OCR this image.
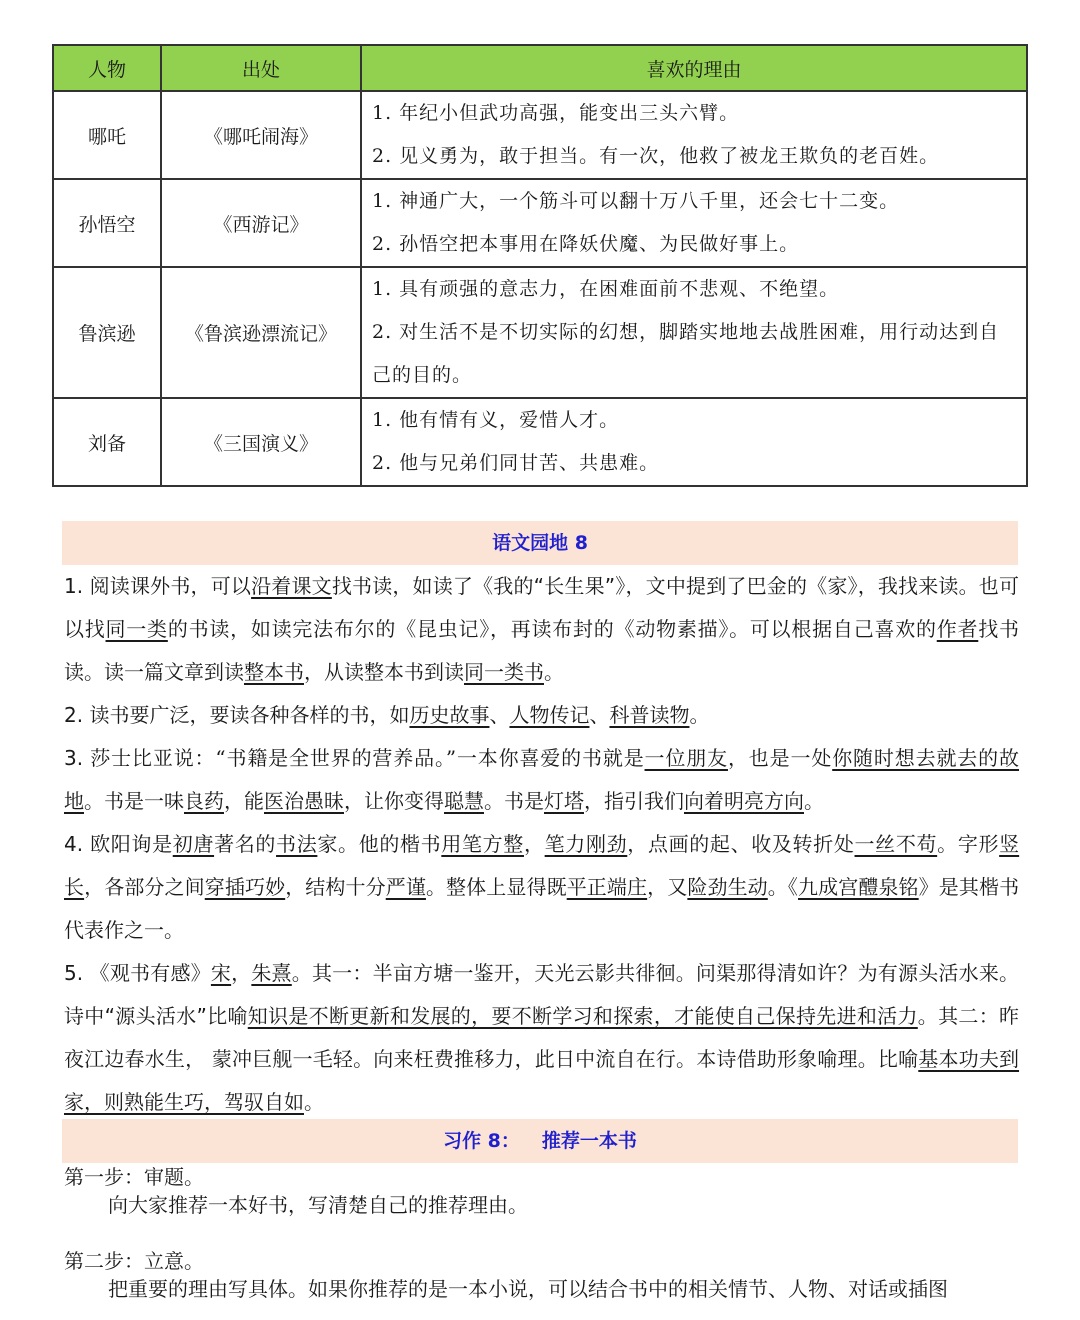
人物	出处	喜欢的理由
哪吒	《哪吒闹海》	1. 年纪小但武功高强，能变出三头六臂。
2. 见义勇为，敢于担当。有一次，他救了被龙王欺负的老百姓。

孙悟空	《西游记》	1. 神通广大，一个筋斗可以翻十万八千里，还会七十二变。
2. 孙悟空把本事用在降妖伏魔、为民做好事上。

鲁滨逊	《鲁滨逊漂流记》	1. 具有顽强的意志力，在困难面前不悲观、不绝望。
2. 对生活不是不切实际的幻想，脚踏实地地去战胜困难，用行动达到自己的目的。

刘备	《三国演义》	1. 他有情有义，爱惜人才。
2. 他与兄弟们同甘苦、共患难。
语文园地 8

1. 阅读课外书，可以沿着课文找书读，如读了《我的“长生果”》，文中提到了巴金的《家》，我找来读。也可以找同一类的书读，如读完法布尔的《昆虫记》，再读布封的《动物素描》。可以根据自己喜欢的作者找书读。读一篇文章到读整本书，从读整本书到读同一类书。

2. 读书要广泛，要读各种各样的书，如历史故事、人物传记、科普读物。

3. 莎士比亚说：“书籍是全世界的营养品。”一本你喜爱的书就是一位朋友，也是一处你随时想去就去的故地。书是一味良药，能医治愚昧，让你变得聪慧。书是灯塔，指引我们向着明亮方向。

4. 欧阳询是初唐著名的书法家。他的楷书用笔方整，笔力刚劲，点画的起、收及转折处一丝不苟。字形竖长，各部分之间穿插巧妙，结构十分严谨。整体上显得既平正端庄，又险劲生动。《九成宫醴泉铭》是其楷书代表作之一。

5. 《观书有感》宋，朱熹。其一：半亩方塘一鉴开，天光云影共徘徊。问渠那得清如许？为有源头活水来。诗中“源头活水”比喻知识是不断更新和发展的，要不断学习和探索，才能使自己保持先进和活力。其二：昨夜江边春水生， 蒙冲巨舰一毛轻。向来枉费推移力，此日中流自在行。本诗借助形象喻理。比喻基本功夫到家，则熟能生巧，驾驭自如。

习作 8： 推荐一本书

第一步：审题。

向大家推荐一本好书，写清楚自己的推荐理由。

第二步：立意。

把重要的理由写具体。如果你推荐的是一本小说，可以结合书中的相关情节、人物、对话或插图
